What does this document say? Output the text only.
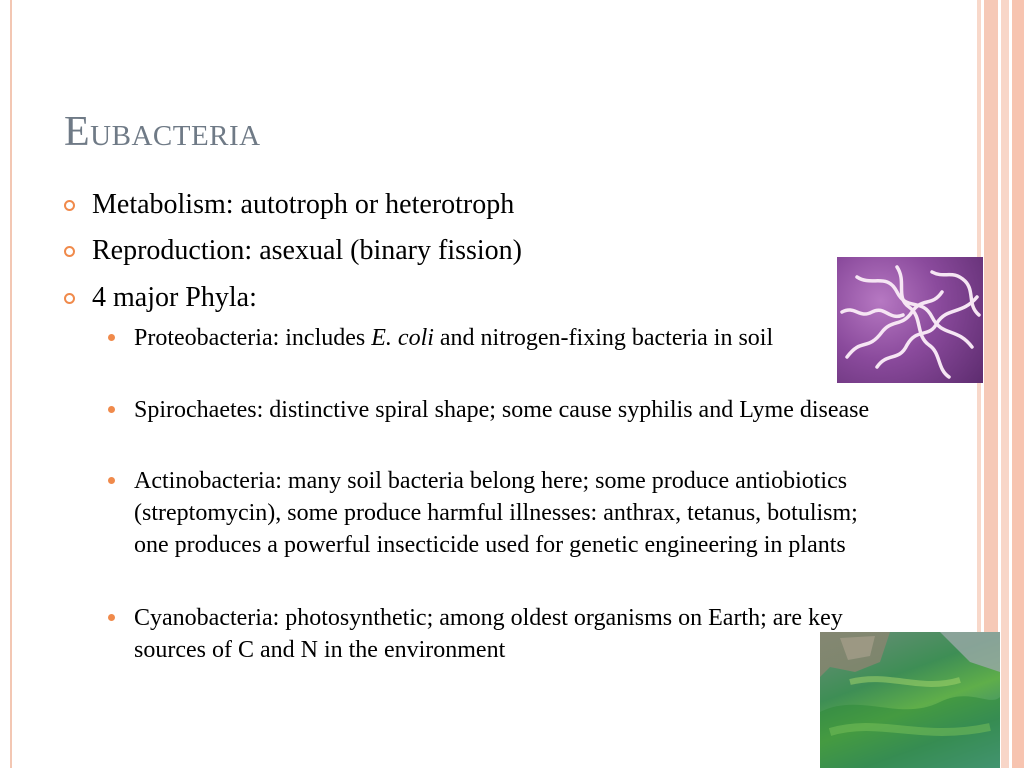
Eubacteria
Metabolism: autotroph or heterotroph
Reproduction: asexual (binary fission)
4 major Phyla:
Proteobacteria: includes E. coli and nitrogen-fixing bacteria in soil
Spirochaetes: distinctive spiral shape; some cause syphilis and Lyme disease
Actinobacteria: many soil bacteria belong here; some produce antiobiotics (streptomycin), some produce harmful illnesses: anthrax, tetanus, botulism; one produces a powerful insecticide used for genetic engineering in plants
Cyanobacteria: photosynthetic; among oldest organisms on Earth; are key sources of C and N in the environment
